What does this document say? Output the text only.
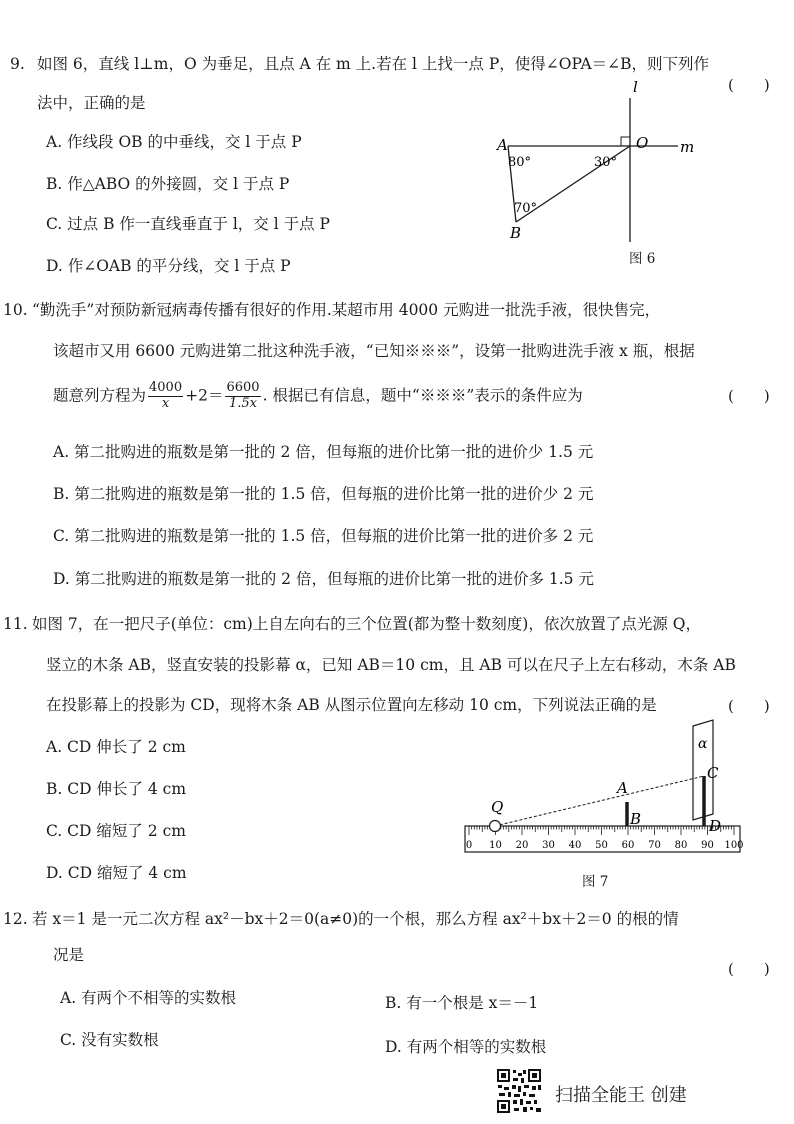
9. 如图 6，直线 l⊥m，O 为垂足，且点 A 在 m 上.若在 l 上找一点 P，使得∠OPA＝∠B，则下列作
(　　)
法中，正确的是
A. 作线段 OB 的中垂线，交 l 于点 P
B. 作△ABO 的外接圆，交 l 于点 P
C. 过点 B 作一直线垂直于 l，交 l 于点 P
D. 作∠OAB 的平分线，交 l 于点 P
l
m
A	O
B
80°	30°
70°
图 6
10. “勤洗手”对预防新冠病毒传播有很好的作用.某超市用 4000 元购进一批洗手液，很快售完，
该超市又用 6600 元购进第二批这种洗手液，“已知※※※”，设第一批购进洗手液 x 瓶，根据
题意列方程为 $\frac{4000}{x} +2= \frac{6600}{1.5x}$ . 根据已有信息，题中“※※※”表示的条件应为	(　　)
A. 第二批购进的瓶数是第一批的 2 倍，但每瓶的进价比第一批的进价少 1.5 元
B. 第二批购进的瓶数是第一批的 1.5 倍，但每瓶的进价比第一批的进价少 2 元
C. 第二批购进的瓶数是第一批的 1.5 倍，但每瓶的进价比第一批的进价多 2 元
D. 第二批购进的瓶数是第一批的 2 倍，但每瓶的进价比第一批的进价多 1.5 元
11. 如图 7，在一把尺子(单位：cm)上自左向右的三个位置(都为整十数刻度)，依次放置了点光源 Q，
竖立的木条 AB，竖直安装的投影幕 α，已知 AB＝10 cm，且 AB 可以在尺子上左右移动，木条 AB
在投影幕上的投影为 CD，现将木条 AB 从图示位置向左移动 10 cm，下列说法正确的是	(　　)
A. CD 伸长了 2 cm
B. CD 伸长了 4 cm
C. CD 缩短了 2 cm
D. CD 缩短了 4 cm
0 10 20 30 40 50 60 70 80 90 100
Q
A
B
C
D
α
图 7
12. 若 x＝1 是一元二次方程 ax²－bx＋2＝0(a≠0)的一个根，那么方程 ax²＋bx＋2＝0 的根的情
况是
(　　)
A. 有两个不相等的实数根	B. 有一个根是 x＝－1
C. 没有实数根	D. 有两个相等的实数根
扫描全能王 创建
